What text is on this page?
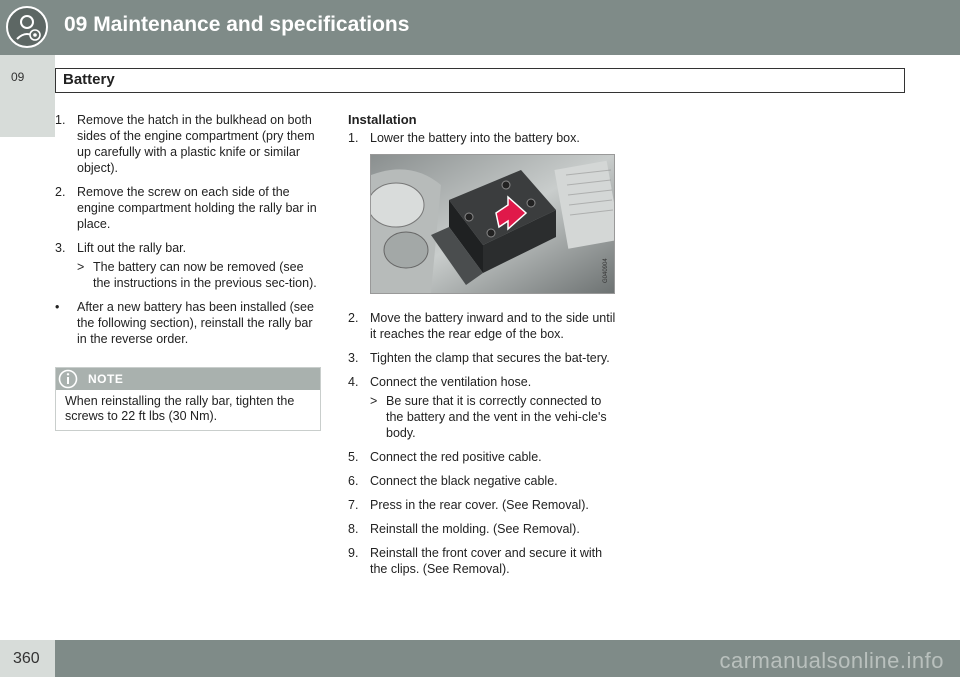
09 Maintenance and specifications
09	Battery
1. Remove the hatch in the bulkhead on both sides of the engine compartment (pry them up carefully with a plastic knife or similar object).
2. Remove the screw on each side of the engine compartment holding the rally bar in place.
3. Lift out the rally bar.
> The battery can now be removed (see the instructions in the previous sec-tion).
• After a new battery has been installed (see the following section), reinstall the rally bar in the reverse order.
NOTE
When reinstalling the rally bar, tighten the screws to 22 ft lbs (30 Nm).
Installation
1. Lower the battery into the battery box.
2. Move the battery inward and to the side until it reaches the rear edge of the box.
3. Tighten the clamp that secures the bat-tery.
4. Connect the ventilation hose.
> Be sure that it is correctly connected to the battery and the vent in the vehi-cle's body.
5. Connect the red positive cable.
6. Connect the black negative cable.
7. Press in the rear cover. (See Removal).
8. Reinstall the molding. (See Removal).
9. Reinstall the front cover and secure it with the clips. (See Removal).
G040904
360	carmanualsonline.info
